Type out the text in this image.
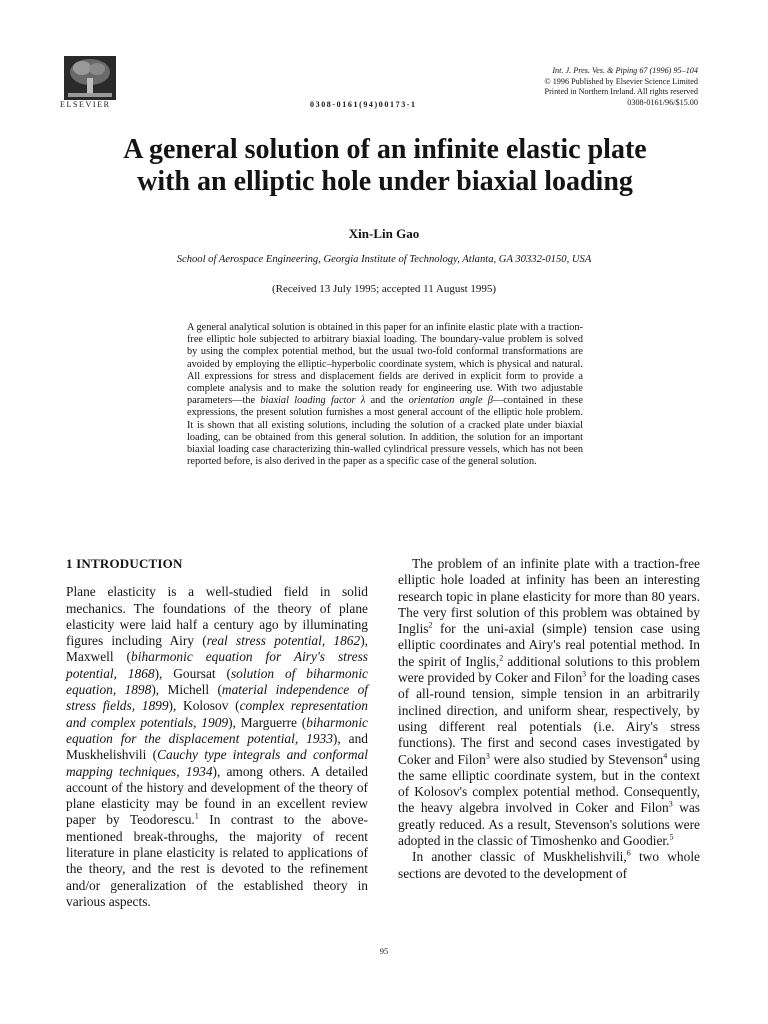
ELSEVIER	0308-0161(94)00173-1
Int. J. Pres. Ves. & Piping 67 (1996) 95–104
© 1996 Published by Elsevier Science Limited
Printed in Northern Ireland. All rights reserved
0308-0161/96/$15.00
A general solution of an infinite elastic plate
with an elliptic hole under biaxial loading
Xin-Lin Gao
School of Aerospace Engineering, Georgia Institute of Technology, Atlanta, GA 30332-0150, USA
(Received 13 July 1995; accepted 11 August 1995)

A general analytical solution is obtained in this paper for an infinite elastic plate with a traction-free elliptic hole subjected to arbitrary biaxial loading. The boundary-value problem is solved by using the complex potential method, but the usual two-fold conformal transformations are avoided by employing the elliptic–hyperbolic coordinate system, which is physical and natural. All expressions for stress and displacement fields are derived in explicit form to provide a complete analysis and to make the solution ready for engineering use. With two adjustable parameters—the biaxial loading factor λ and the orientation angle β—contained in these expressions, the present solution furnishes a most general account of the elliptic hole problem. It is shown that all existing solutions, including the solution of a cracked plate under biaxial loading, can be obtained from this general solution. In addition, the solution for an important biaxial loading case characterizing thin-walled cylindrical pressure vessels, which has not been reported before, is also derived in the paper as a specific case of the general solution.

1 INTRODUCTION

Plane elasticity is a well-studied field in solid mechanics. The foundations of the theory of plane elasticity were laid half a century ago by illuminating figures including Airy (real stress potential, 1862), Maxwell (biharmonic equation for Airy's stress potential, 1868), Goursat (solution of biharmonic equation, 1898), Michell (material independence of stress fields, 1899), Kolosov (complex representation and complex potentials, 1909), Marguerre (biharmonic equation for the displacement potential, 1933), and Muskhelishvili (Cauchy type integrals and conformal mapping techniques, 1934), among others. A detailed account of the history and development of the theory of plane elasticity may be found in an excellent review paper by Teodorescu.$^1$ In contrast to the above-mentioned break-throughs, the majority of recent literature in plane elasticity is related to applications of the theory, and the rest is devoted to the refinement and/or generalization of the established theory in various aspects.

The problem of an infinite plate with a traction-free elliptic hole loaded at infinity has been an interesting research topic in plane elasticity for more than 80 years. The very first solution of this problem was obtained by Inglis$^2$ for the uni-axial (simple) tension case using elliptic coordinates and Airy's real potential method. In the spirit of Inglis,$^2$ additional solutions to this problem were provided by Coker and Filon$^3$ for the loading cases of all-round tension, simple tension in an arbitrarily inclined direction, and uniform shear, respectively, by using different real potentials (i.e. Airy's stress functions). The first and second cases investigated by Coker and Filon$^3$ were also studied by Stevenson$^4$ using the same elliptic coordinate system, but in the context of Kolosov's complex potential method. Consequently, the heavy algebra involved in Coker and Filon$^3$ was greatly reduced. As a result, Stevenson's solutions were adopted in the classic of Timoshenko and Goodier.$^5$

In another classic of Muskhelishvili,$^6$ two whole sections are devoted to the development of

95
